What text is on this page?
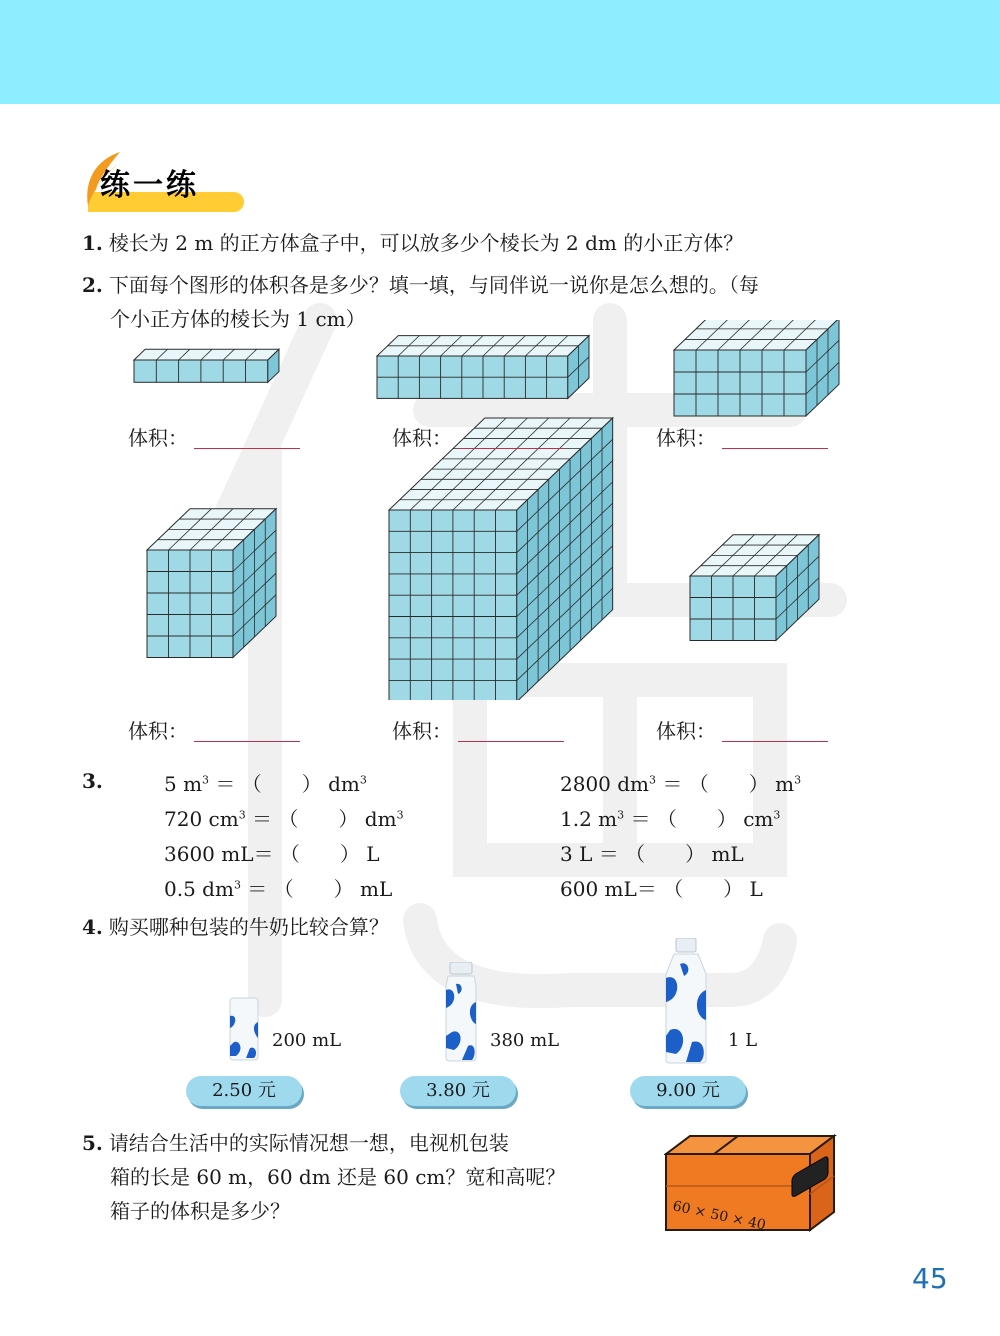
练一练
1. 棱长为 2 m 的正方体盒子中，可以放多少个棱长为 2 dm 的小正方体？
2. 下面每个图形的体积各是多少？填一填，与同伴说一说你是怎么想的。（每
个小正方体的棱长为 1 cm）
体积：	体积：	体积：
体积：	体积：	体积：
3.	5 $m^3$ ＝ （　　） $dm^3$
720 $cm^3$ ＝ （　　） $dm^3$
3600 mL＝ （　　） L
0.5 $dm^3$ ＝ （　　） mL
2800 $dm^3$ ＝ （　　） $m^3$
1.2 $m^3$ ＝ （　　） $cm^3$
3 L ＝ （　　） mL
600 mL＝ （　　） L
4. 购买哪种包装的牛奶比较合算？
200 mL
2.50 元
380 mL
3.80 元
1 L
9.00 元
5. 请结合生活中的实际情况想一想，电视机包装
箱的长是 60 m，60 dm 还是 60 cm？宽和高呢？
箱子的体积是多少？	60 × 50 × 40
45
